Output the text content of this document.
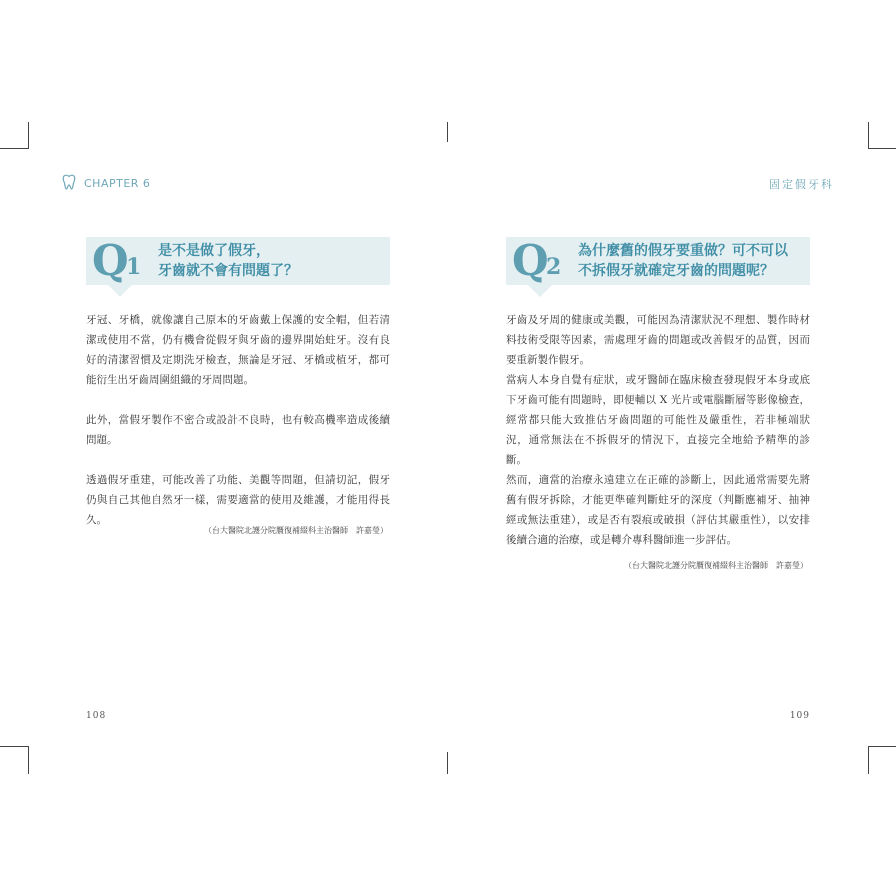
CHAPTER 6
Q
1
是不是做了假牙，
牙齒就不會有問題了？

牙冠、牙橋，就像讓自己原本的牙齒戴上保護的安全帽，但若清潔或使用不當，仍有機會從假牙與牙齒的邊界開始蛀牙。沒有良好的清潔習慣及定期洗牙檢查，無論是牙冠、牙橋或植牙，都可能衍生出牙齒周圍組織的牙周問題。

此外，當假牙製作不密合或設計不良時，也有較高機率造成後續問題。

透過假牙重建，可能改善了功能、美觀等問題，但請切記，假牙仍與自己其他自然牙一樣，需要適當的使用及維護，才能用得長久。

（台大醫院北護分院贋復補綴科主治醫師　許嘉瑩）
108
固定假牙科
Q
2
為什麼舊的假牙要重做？可不可以
不拆假牙就確定牙齒的問題呢？

牙齒及牙周的健康或美觀，可能因為清潔狀況不理想、製作時材料技術受限等因素，需處理牙齒的問題或改善假牙的品質，因而要重新製作假牙。

當病人本身自覺有症狀，或牙醫師在臨床檢查發現假牙本身或底下牙齒可能有問題時，即便輔以 X 光片或電腦斷層等影像檢查，經常都只能大致推估牙齒問題的可能性及嚴重性，若非極端狀況，通常無法在不拆假牙的情況下，直接完全地給予精準的診斷。

然而，適當的治療永遠建立在正確的診斷上，因此通常需要先將舊有假牙拆除，才能更準確判斷蛀牙的深度（判斷應補牙、抽神經或無法重建），或是否有裂痕或破損（評估其嚴重性），以安排後續合適的治療，或是轉介專科醫師進一步評估。

（台大醫院北護分院贋復補綴科主治醫師　許嘉瑩）
109
